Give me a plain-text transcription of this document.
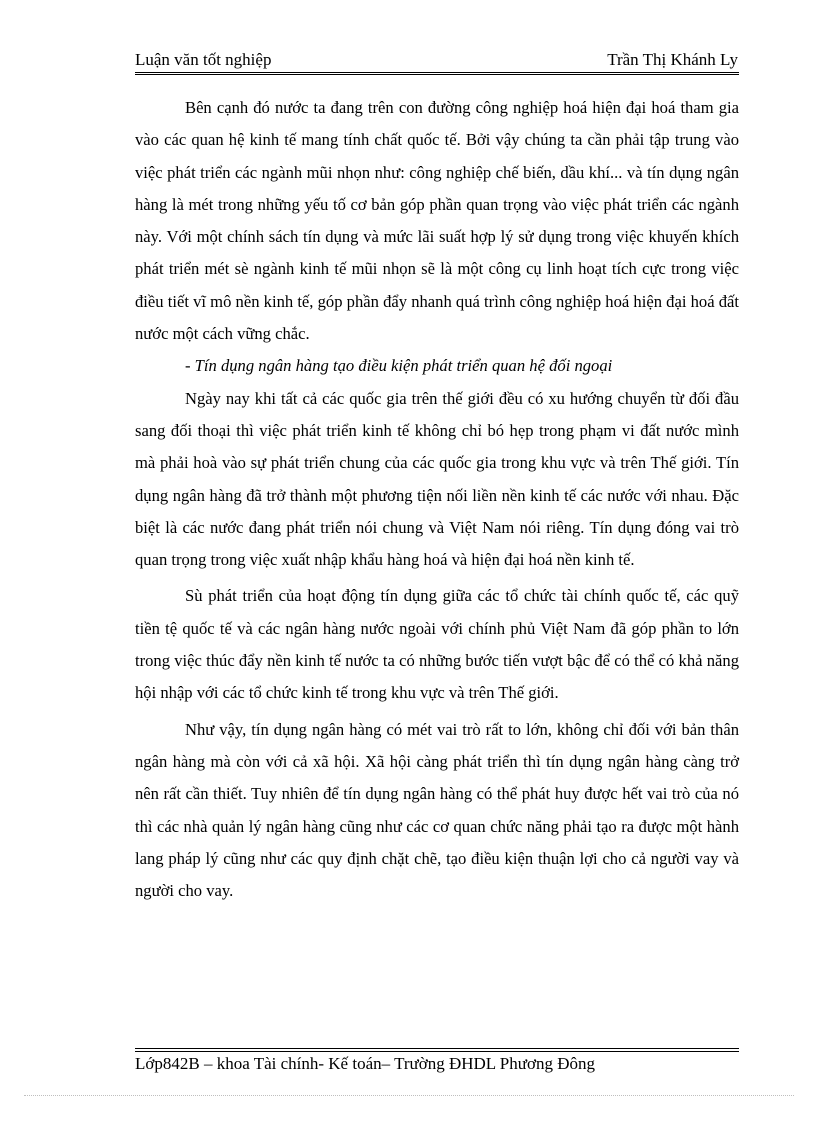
Luận văn tốt nghiệp	Trần Thị Khánh Ly

Bên cạnh đó nước ta đang trên con đường công nghiệp hoá hiện đại hoá tham gia vào các quan hệ kinh tế mang tính chất quốc tế. Bởi vậy chúng ta cần phải tập trung vào việc phát triển các ngành mũi nhọn như: công nghiệp chế biến, dầu khí... và tín dụng ngân hàng là mét trong những yếu tố cơ bản góp phần quan trọng vào việc phát triển các ngành này. Với một chính sách tín dụng và mức lãi suất hợp lý sử dụng trong việc khuyến khích phát triển mét sè ngành kinh tế mũi nhọn sẽ là một công cụ linh hoạt tích cực trong việc điều tiết vĩ mô nền kinh tế, góp phần đẩy nhanh quá trình công nghiệp hoá hiện đại hoá đất nước một cách vững chắc.

- Tín dụng ngân hàng tạo điều kiện phát triển quan hệ đối ngoại

Ngày nay khi tất cả các quốc gia trên thế giới đều có xu hướng chuyển từ đối đầu sang đối thoại thì việc phát triển kinh tế không chỉ bó hẹp trong phạm vi đất nước mình mà phải hoà vào sự phát triển chung của các quốc gia trong khu vực và trên Thế giới. Tín dụng ngân hàng đã trở thành một phương tiện nối liền nền kinh tế các nước với nhau. Đặc biệt là các nước đang phát triển nói chung và Việt Nam nói riêng. Tín dụng đóng vai trò quan trọng trong việc xuất nhập khẩu hàng hoá và hiện đại hoá nền kinh tế.

Sù phát triển của hoạt động tín dụng giữa các tổ chức tài chính quốc tế, các quỹ tiền tệ quốc tế và các ngân hàng nước ngoài với chính phủ Việt Nam đã góp phần to lớn trong việc thúc đẩy nền kinh tế nước ta có những bước tiến vượt bậc để có thể có khả năng hội nhập với các tổ chức kinh tế trong khu vực và trên Thế giới.

Như vậy, tín dụng ngân hàng có mét vai trò rất to lớn, không chỉ đối với bản thân ngân hàng mà còn với cả xã hội. Xã hội càng phát triển thì tín dụng ngân hàng càng trở nên rất cần thiết. Tuy nhiên để tín dụng ngân hàng có thể phát huy được hết vai trò của nó thì các nhà quản lý ngân hàng cũng như các cơ quan chức năng phải tạo ra được một hành lang pháp lý cũng như các quy định chặt chẽ, tạo điều kiện thuận lợi cho cả người vay và người cho vay.

Lớp842B – khoa Tài chính- Kế toán– Trường ĐHDL Phương Đông
